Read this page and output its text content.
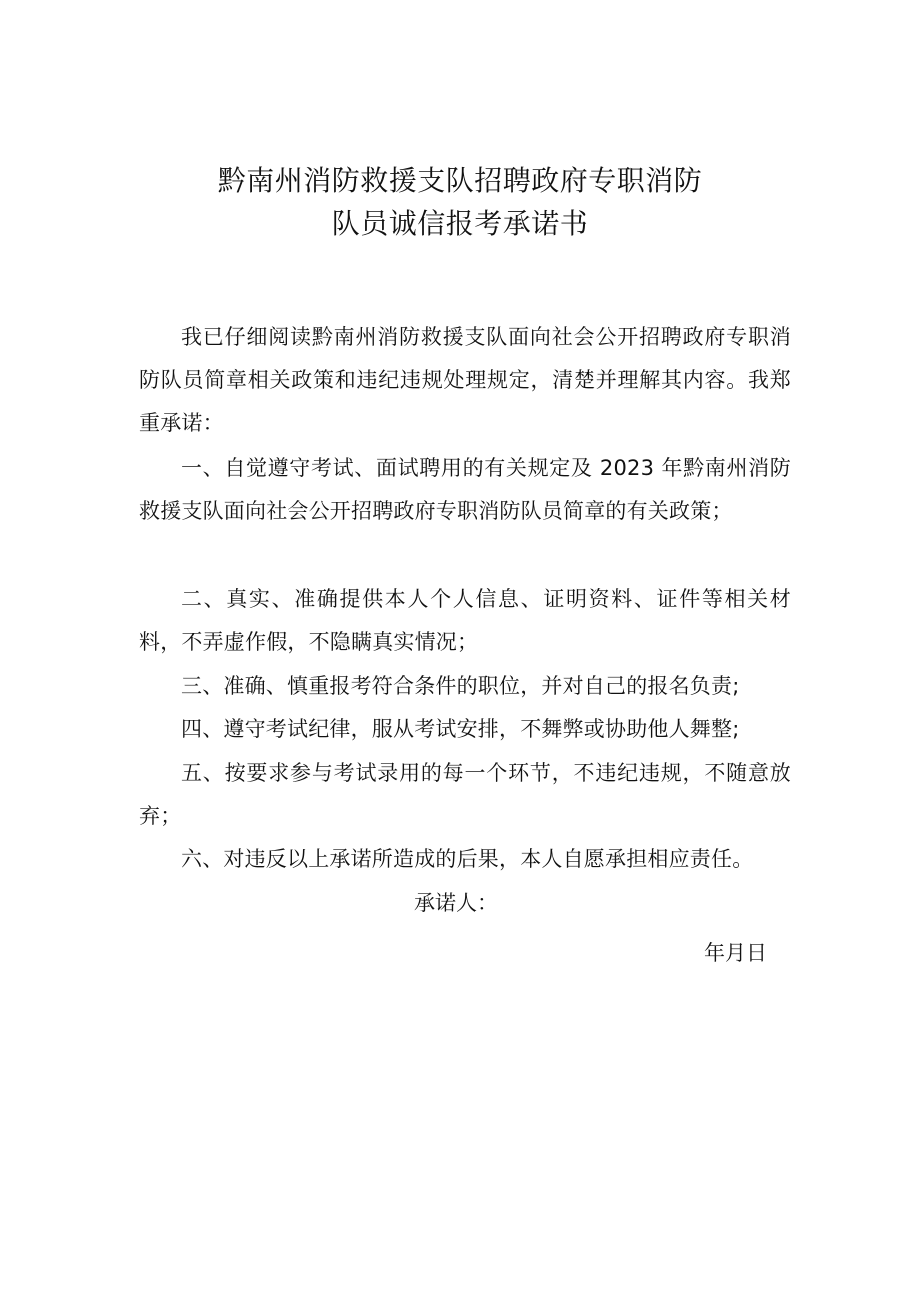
黔南州消防救援支队招聘政府专职消防
队员诚信报考承诺书

我已仔细阅读黔南州消防救援支队面向社会公开招聘政府专职消防队员简章相关政策和违纪违规处理规定，清楚并理解其内容。我郑重承诺：

一、自觉遵守考试、面试聘用的有关规定及 2023 年黔南州消防救援支队面向社会公开招聘政府专职消防队员简章的有关政策；

二、真实、准确提供本人个人信息、证明资料、证件等相关材料，不弄虚作假，不隐瞒真实情况；

三、准确、慎重报考符合条件的职位，并对自己的报名负责;

四、遵守考试纪律，服从考试安排，不舞弊或协助他人舞整;

五、按要求参与考试录用的每一个环节，不违纪违规，不随意放弃；

六、对违反以上承诺所造成的后果，本人自愿承担相应责任。

承诺人：
年月日
